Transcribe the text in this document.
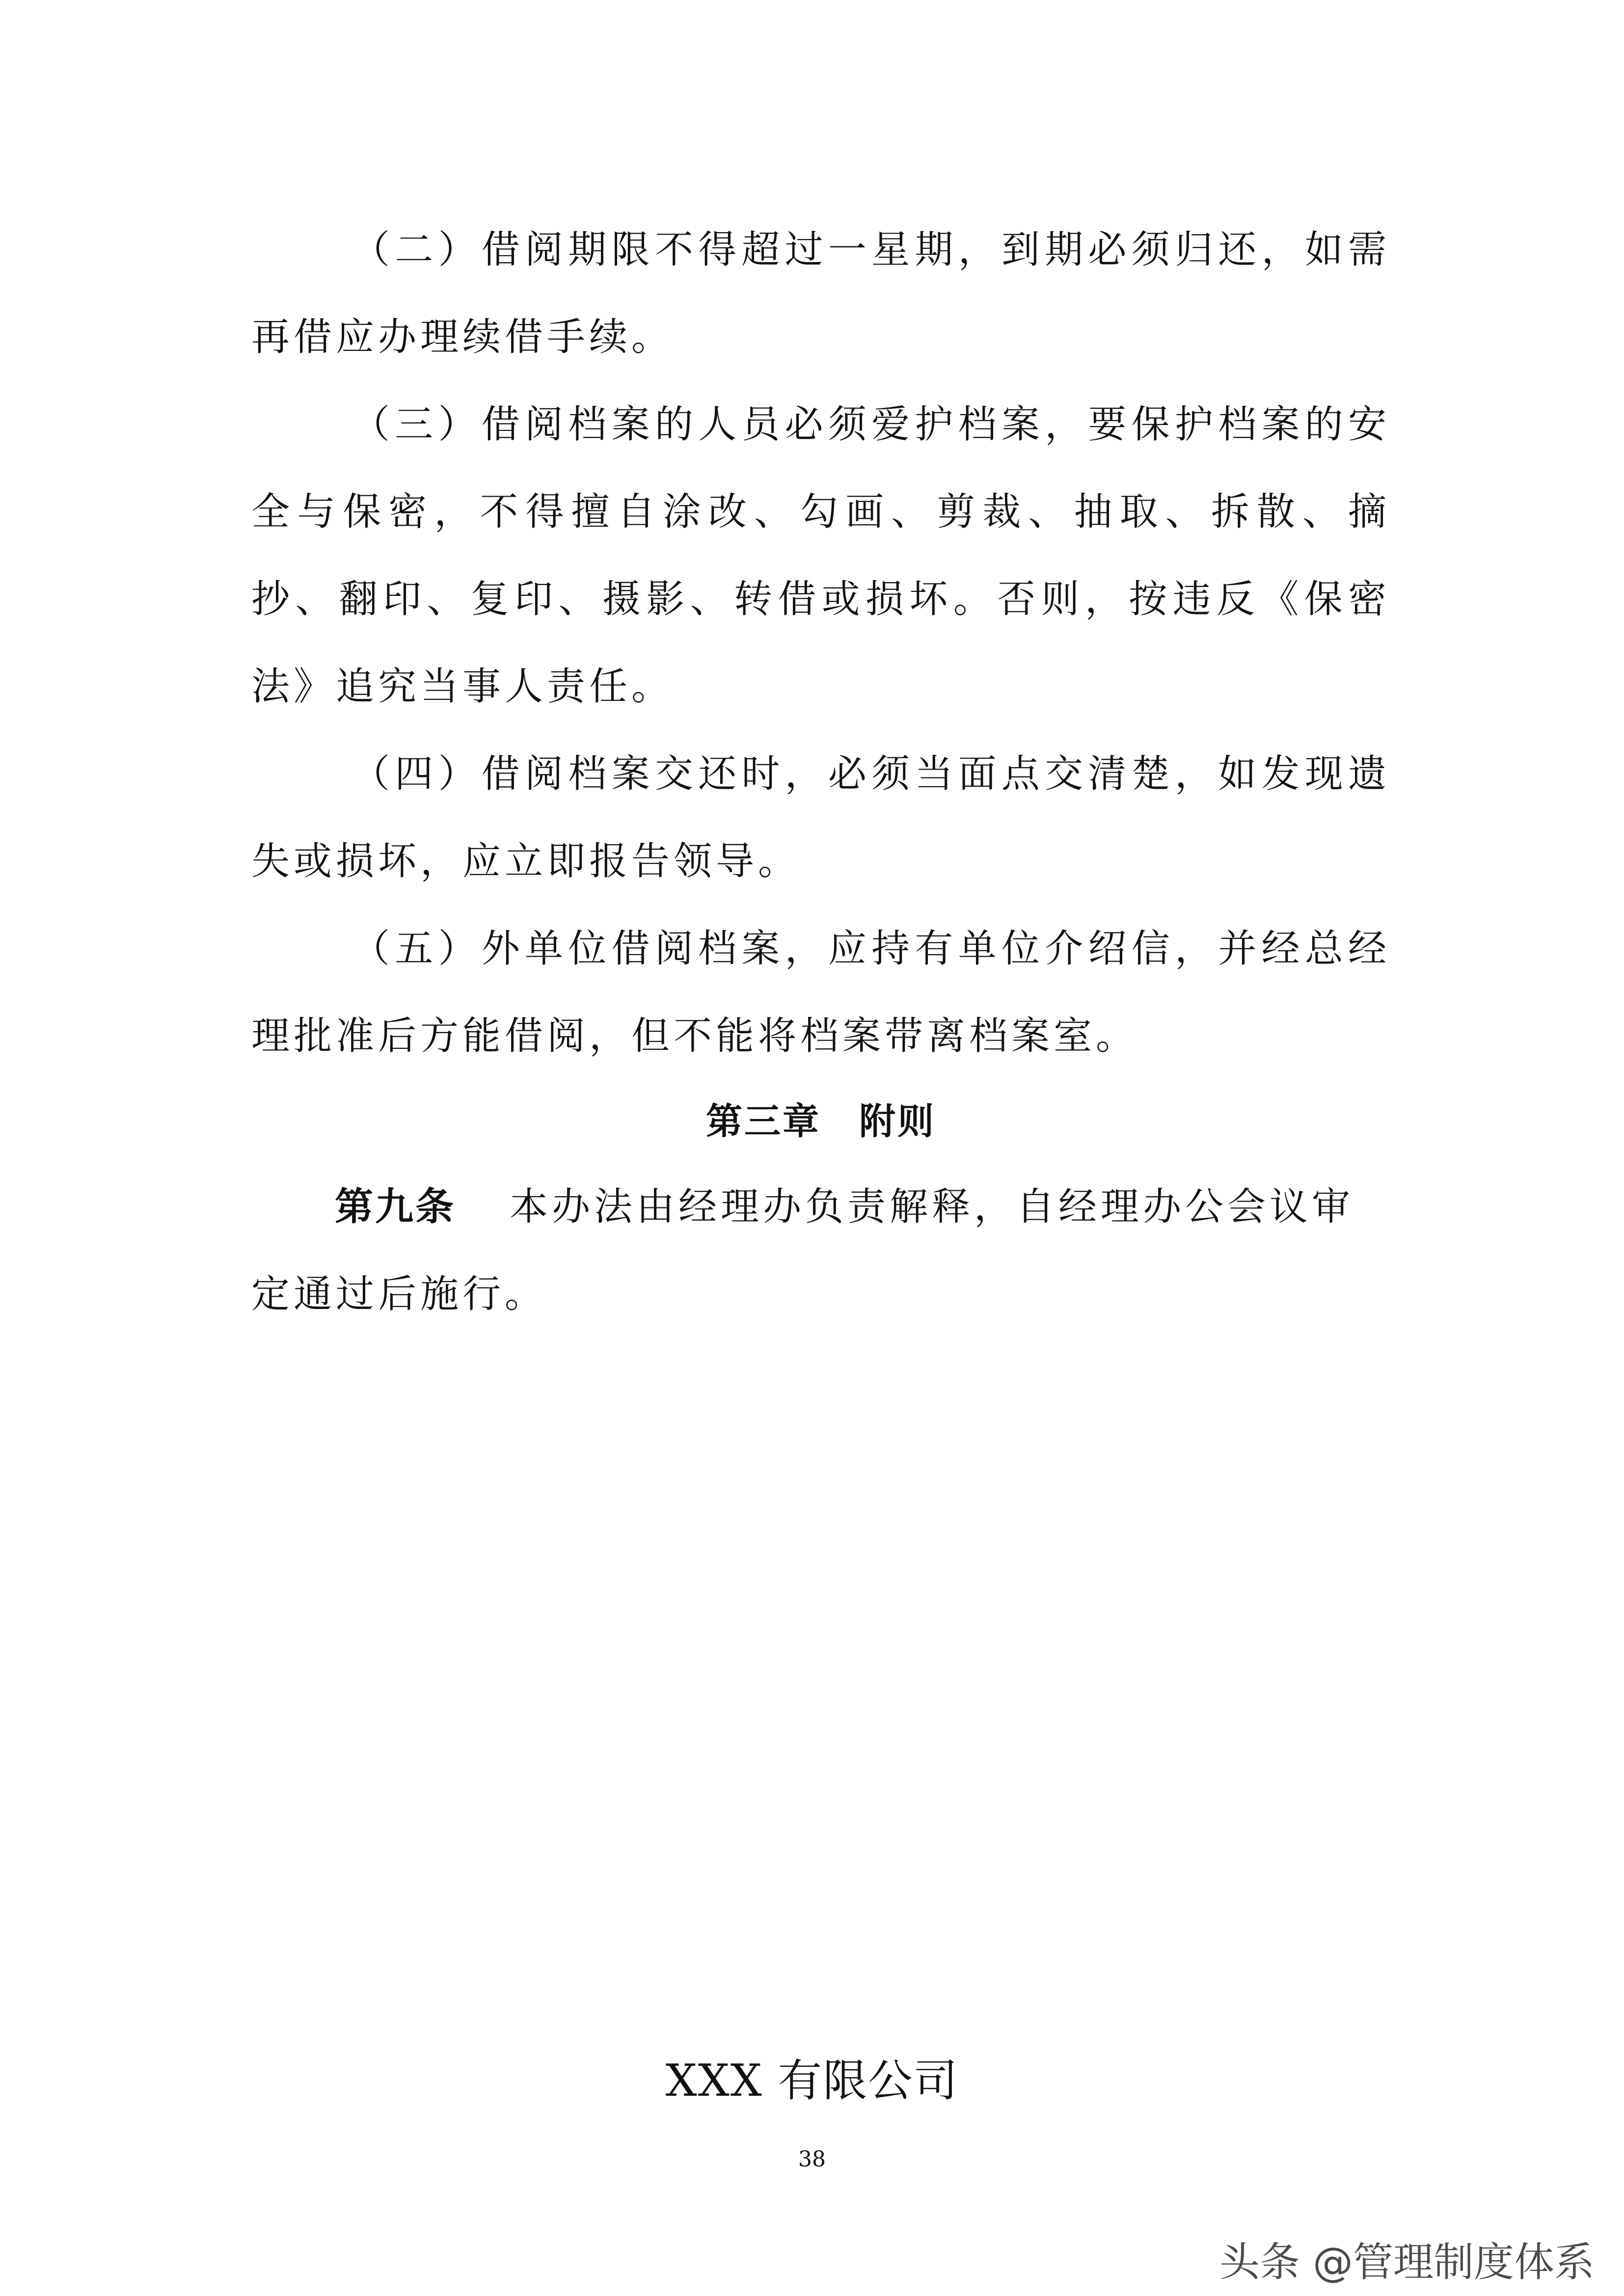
（二）借阅期限不得超过一星期，到期必须归还，如需再借应办理续借手续。

（三）借阅档案的人员必须爱护档案，要保护档案的安全与保密，不得擅自涂改、勾画、剪裁、抽取、拆散、摘抄、翻印、复印、摄影、转借或损坏。否则，按违反《保密法》追究当事人责任。

（四）借阅档案交还时，必须当面点交清楚，如发现遗失或损坏，应立即报告领导。

（五）外单位借阅档案，应持有单位介绍信，并经总经理批准后方能借阅，但不能将档案带离档案室。

第三章　附则

第九条 本办法由经理办负责解释，自经理办公会议审定通过后施行。

XXX 有限公司
38
头条 @管理制度体系
